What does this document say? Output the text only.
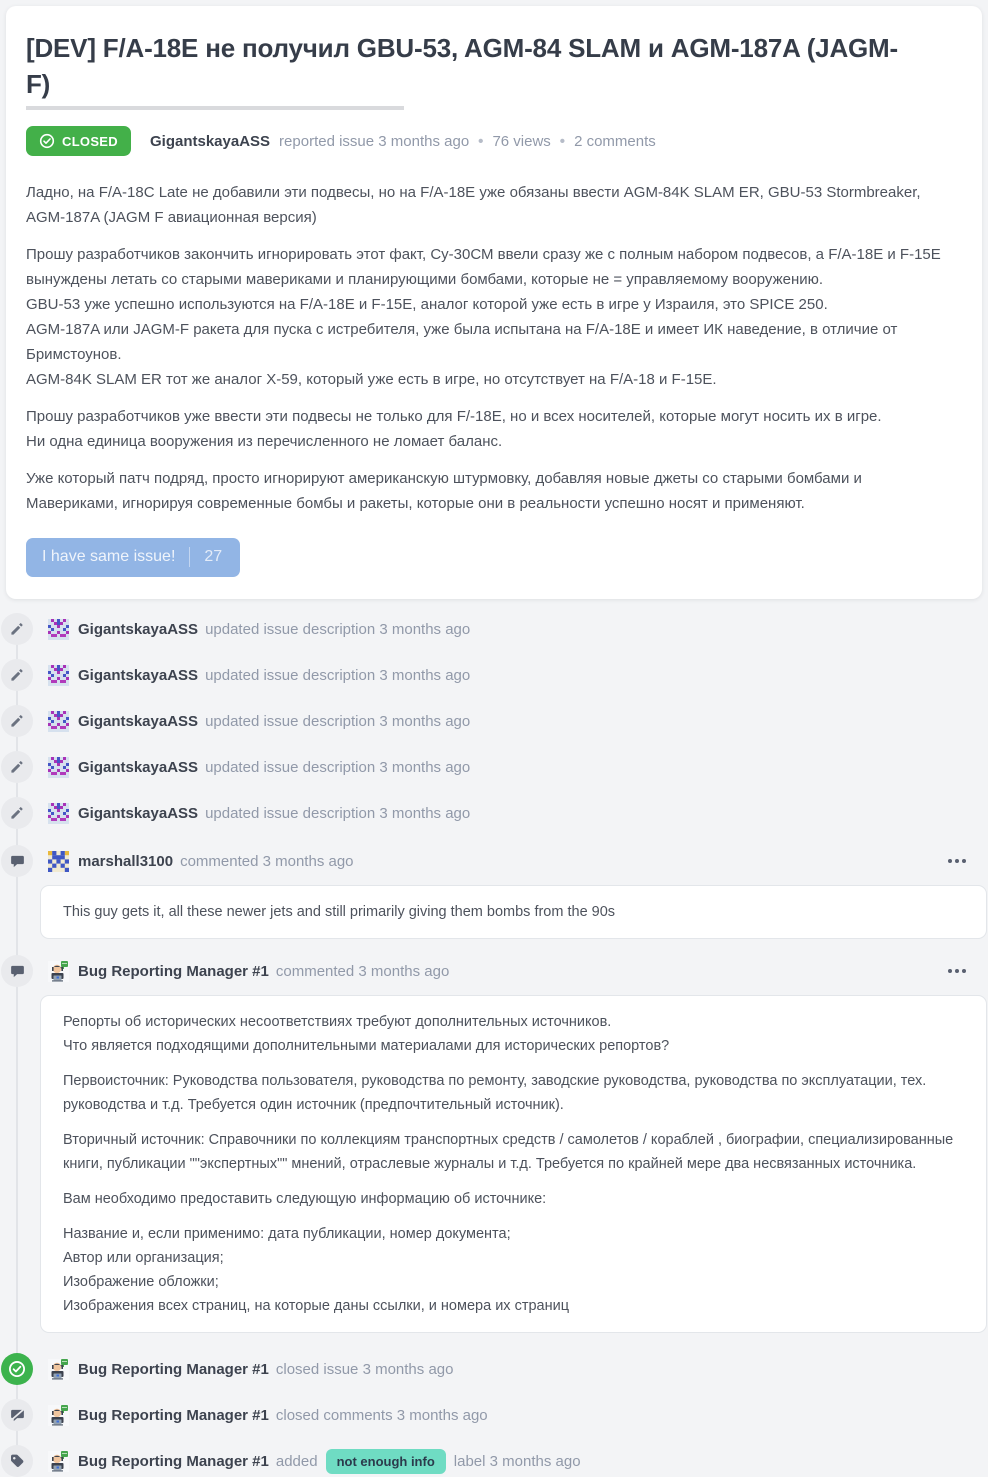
[DEV] F/A-18E не получил GBU-53, AGM-84 SLAM и AGM-187A (JAGM-F)
CLOSED GigantskayaASS reported issue 3 months ago • 76 views • 2 comments

Ладно, на F/A-18C Late не добавили эти подвесы, но на F/A-18E уже обязаны ввести AGM-84K SLAM ER, GBU-53 Stormbreaker, AGM-187A (JAGM F авиационная версия)

Прошу разработчиков закончить игнорировать этот факт, Су-30СМ ввели сразу же с полным набором подвесов, а F/A-18E и F-15E вынуждены летать со старыми мавериками и планирующими бомбами, которые не = управляемому вооружению.
GBU-53 уже успешно используются на F/A-18E и F-15E, аналог которой уже есть в игре у Израиля, это SPICE 250.
AGM-187A или JAGM-F ракета для пуска с истребителя, уже была испытана на F/A-18E и имеет ИК наведение, в отличие от Бримстоунов.
AGM-84K SLAM ER тот же аналог Х-59, который уже есть в игре, но отсутствует на F/A-18 и F-15E.

Прошу разработчиков уже ввести эти подвесы не только для F/-18E, но и всех носителей, которые могут носить их в игре.
Ни одна единица вооружения из перечисленного не ломает баланс.

Уже который патч подряд, просто игнорируют американскую штурмовку, добавляя новые джеты со старыми бомбами и Мавериками, игнорируя современные бомбы и ракеты, которые они в реальности успешно носят и применяют.

I have same issue! 27
GigantskayaASS updated issue description 3 months ago
GigantskayaASS updated issue description 3 months ago
GigantskayaASS updated issue description 3 months ago
GigantskayaASS updated issue description 3 months ago
GigantskayaASS updated issue description 3 months ago
marshall3100 commented 3 months ago

This guy gets it, all these newer jets and still primarily giving them bombs from the 90s

Bug Reporting Manager #1 commented 3 months ago

Репорты об исторических несоответствиях требуют дополнительных источников.
Что является подходящими дополнительными материалами для исторических репортов?

Первоисточник: Руководства пользователя, руководства по ремонту, заводские руководства, руководства по эксплуатации, тех. руководства и т.д. Требуется один источник (предпочтительный источник).

Вторичный источник: Справочники по коллекциям транспортных средств / самолетов / кораблей , биографии, специализированные книги, публикации ""экспертных"" мнений, отраслевые журналы и т.д. Требуется по крайней мере два несвязанных источника.

Вам необходимо предоставить следующую информацию об источнике:

Название и, если применимо: дата публикации, номер документа;
Автор или организация;
Изображение обложки;
Изображения всех страниц, на которые даны ссылки, и номера их страниц

Bug Reporting Manager #1 closed issue 3 months ago
Bug Reporting Manager #1 closed comments 3 months ago
Bug Reporting Manager #1 added	not enough info	label 3 months ago
